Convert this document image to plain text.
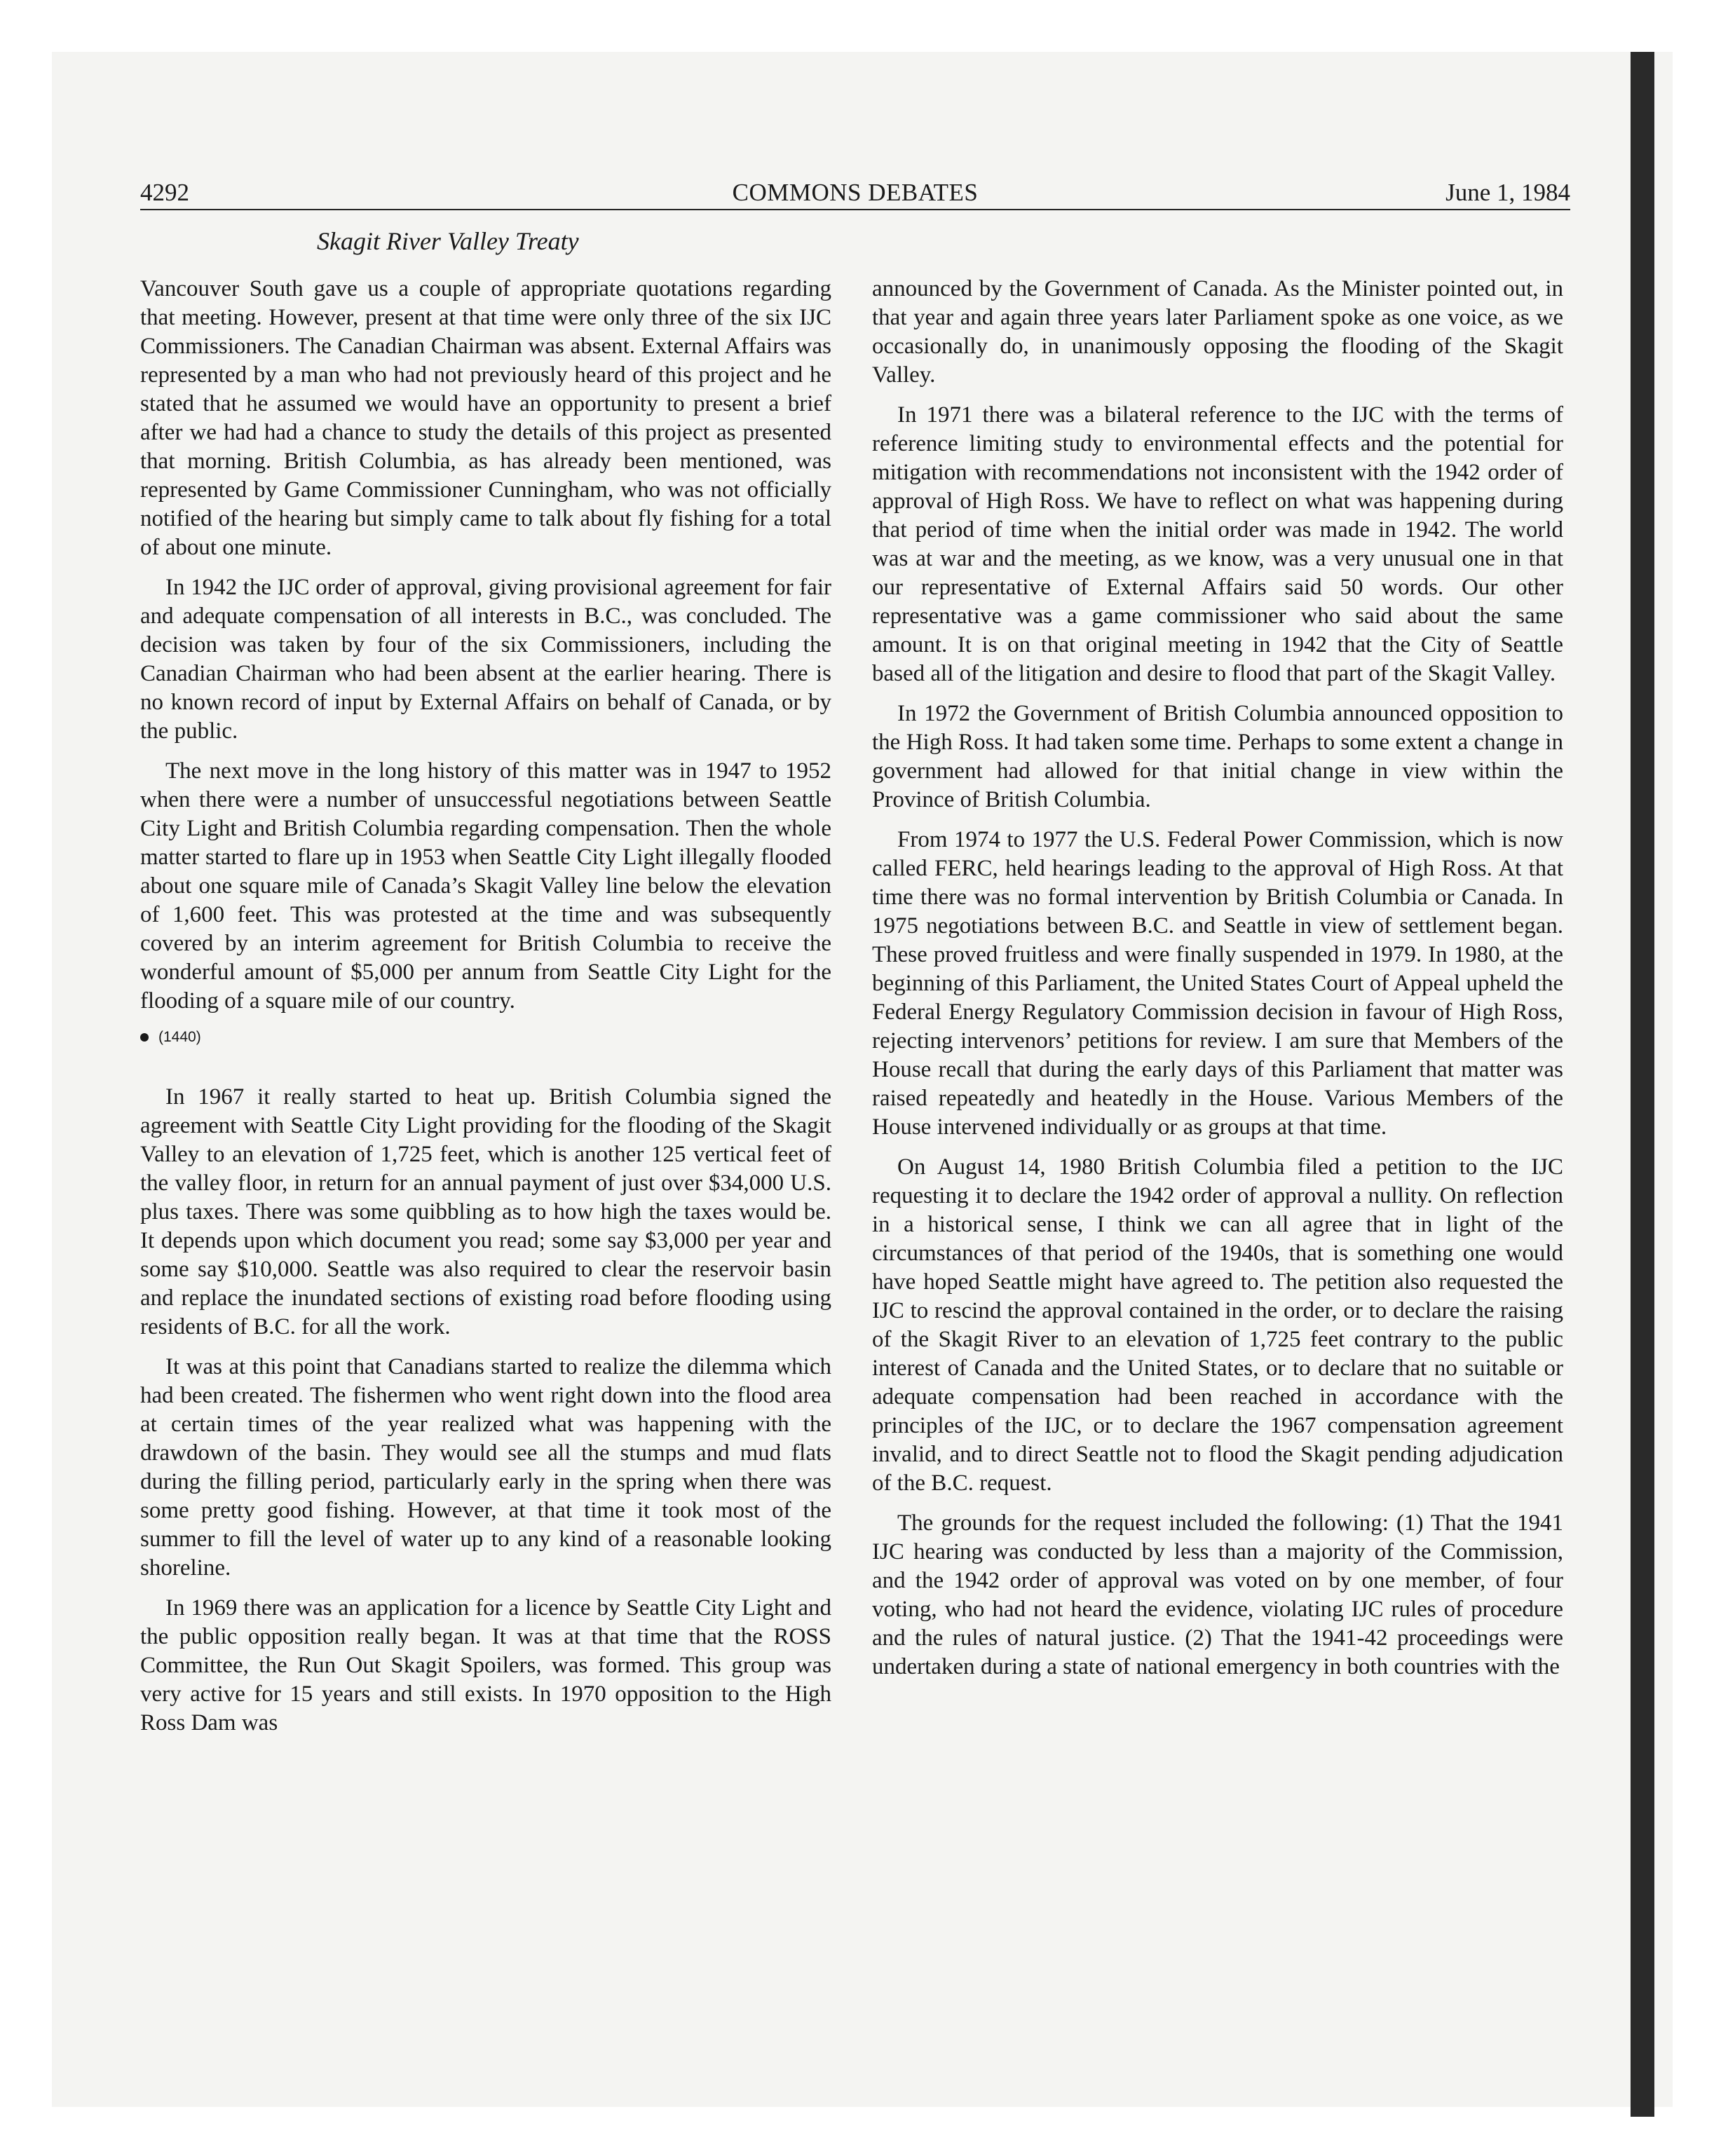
4292	COMMONS DEBATES	June 1, 1984
Skagit River Valley Treaty

Vancouver South gave us a couple of appropriate quotations regarding that meeting. However, present at that time were only three of the six IJC Commissioners. The Canadian Chairman was absent. External Affairs was represented by a man who had not previously heard of this project and he stated that he assumed we would have an opportunity to present a brief after we had had a chance to study the details of this project as presented that morning. British Columbia, as has already been mentioned, was represented by Game Commissioner Cunningham, who was not officially notified of the hearing but simply came to talk about fly fishing for a total of about one minute.

In 1942 the IJC order of approval, giving provisional agreement for fair and adequate compensation of all interests in B.C., was concluded. The decision was taken by four of the six Commissioners, including the Canadian Chairman who had been absent at the earlier hearing. There is no known record of input by External Affairs on behalf of Canada, or by the public.

The next move in the long history of this matter was in 1947 to 1952 when there were a number of unsuccessful negotiations between Seattle City Light and British Columbia regarding compensation. Then the whole matter started to flare up in 1953 when Seattle City Light illegally flooded about one square mile of Canada’s Skagit Valley line below the elevation of 1,600 feet. This was protested at the time and was subsequently covered by an interim agreement for British Columbia to receive the wonderful amount of $5,000 per annum from Seattle City Light for the flooding of a square mile of our country.

(1440)

In 1967 it really started to heat up. British Columbia signed the agreement with Seattle City Light providing for the flooding of the Skagit Valley to an elevation of 1,725 feet, which is another 125 vertical feet of the valley floor, in return for an annual payment of just over $34,000 U.S. plus taxes. There was some quibbling as to how high the taxes would be. It depends upon which document you read; some say $3,000 per year and some say $10,000. Seattle was also required to clear the reservoir basin and replace the inundated sections of existing road before flooding using residents of B.C. for all the work.

It was at this point that Canadians started to realize the dilemma which had been created. The fishermen who went right down into the flood area at certain times of the year realized what was happening with the drawdown of the basin. They would see all the stumps and mud flats during the filling period, particularly early in the spring when there was some pretty good fishing. However, at that time it took most of the summer to fill the level of water up to any kind of a reasonable looking shoreline.

In 1969 there was an application for a licence by Seattle City Light and the public opposition really began. It was at that time that the ROSS Committee, the Run Out Skagit Spoilers, was formed. This group was very active for 15 years and still exists. In 1970 opposition to the High Ross Dam was

announced by the Government of Canada. As the Minister pointed out, in that year and again three years later Parliament spoke as one voice, as we occasionally do, in unanimously opposing the flooding of the Skagit Valley.

In 1971 there was a bilateral reference to the IJC with the terms of reference limiting study to environmental effects and the potential for mitigation with recommendations not inconsistent with the 1942 order of approval of High Ross. We have to reflect on what was happening during that period of time when the initial order was made in 1942. The world was at war and the meeting, as we know, was a very unusual one in that our representative of External Affairs said 50 words. Our other representative was a game commissioner who said about the same amount. It is on that original meeting in 1942 that the City of Seattle based all of the litigation and desire to flood that part of the Skagit Valley.

In 1972 the Government of British Columbia announced opposition to the High Ross. It had taken some time. Perhaps to some extent a change in government had allowed for that initial change in view within the Province of British Columbia.

From 1974 to 1977 the U.S. Federal Power Commission, which is now called FERC, held hearings leading to the approval of High Ross. At that time there was no formal intervention by British Columbia or Canada. In 1975 negotiations between B.C. and Seattle in view of settlement began. These proved fruitless and were finally suspended in 1979. In 1980, at the beginning of this Parliament, the United States Court of Appeal upheld the Federal Energy Regulatory Commission decision in favour of High Ross, rejecting intervenors’ petitions for review. I am sure that Members of the House recall that during the early days of this Parliament that matter was raised repeatedly and heatedly in the House. Various Members of the House intervened individually or as groups at that time.

On August 14, 1980 British Columbia filed a petition to the IJC requesting it to declare the 1942 order of approval a nullity. On reflection in a historical sense, I think we can all agree that in light of the circumstances of that period of the 1940s, that is something one would have hoped Seattle might have agreed to. The petition also requested the IJC to rescind the approval contained in the order, or to declare the raising of the Skagit River to an elevation of 1,725 feet contrary to the public interest of Canada and the United States, or to declare that no suitable or adequate compensation had been reached in accordance with the principles of the IJC, or to declare the 1967 compensation agreement invalid, and to direct Seattle not to flood the Skagit pending adjudication of the B.C. request.

The grounds for the request included the following: (1) That the 1941 IJC hearing was conducted by less than a majority of the Commission, and the 1942 order of approval was voted on by one member, of four voting, who had not heard the evidence, violating IJC rules of procedure and the rules of natural justice. (2) That the 1941-42 proceedings were undertaken during a state of national emergency in both countries with the
